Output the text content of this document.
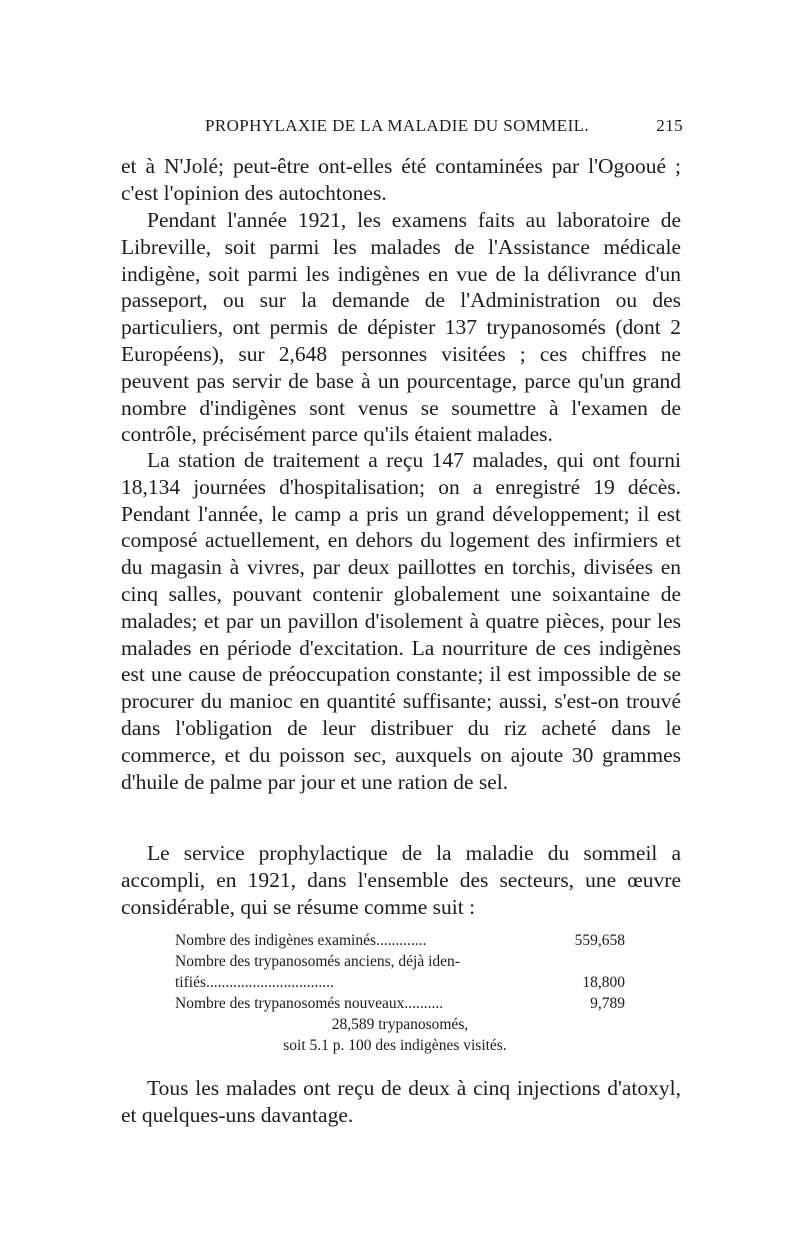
PROPHYLAXIE DE LA MALADIE DU SOMMEIL.	215

et à N'Jolé; peut-être ont-elles été contaminées par l'Ogooué ; c'est l'opinion des autochtones.

Pendant l'année 1921, les examens faits au laboratoire de Libreville, soit parmi les malades de l'Assistance médicale indigène, soit parmi les indigènes en vue de la délivrance d'un passeport, ou sur la demande de l'Administration ou des particuliers, ont permis de dépister 137 trypanosomés (dont 2 Européens), sur 2,648 personnes visitées ; ces chiffres ne peuvent pas servir de base à un pourcentage, parce qu'un grand nombre d'indigènes sont venus se soumettre à l'examen de contrôle, précisément parce qu'ils étaient malades.

La station de traitement a reçu 147 malades, qui ont fourni 18,134 journées d'hospitalisation; on a enregistré 19 décès. Pendant l'année, le camp a pris un grand développement; il est composé actuellement, en dehors du logement des infirmiers et du magasin à vivres, par deux paillottes en torchis, divisées en cinq salles, pouvant contenir globalement une soixantaine de malades; et par un pavillon d'isolement à quatre pièces, pour les malades en période d'excitation. La nourriture de ces indigènes est une cause de préoccupation constante; il est impossible de se procurer du manioc en quantité suffisante; aussi, s'est-on trouvé dans l'obligation de leur distribuer du riz acheté dans le commerce, et du poisson sec, auxquels on ajoute 30 grammes d'huile de palme par jour et une ration de sel.

Le service prophylactique de la maladie du sommeil a accompli, en 1921, dans l'ensemble des secteurs, une œuvre considérable, qui se résume comme suit :

Nombre des indigènes examinés.............	559,658
Nombre des trypanosomés anciens, déjà iden-
tifiés.................................	18,800
Nombre des trypanosomés nouveaux..........	9,789
28,589 trypanosomés,
soit 5.1 p. 100 des indigènes visités.

Tous les malades ont reçu de deux à cinq injections d'atoxyl, et quelques-uns davantage.
